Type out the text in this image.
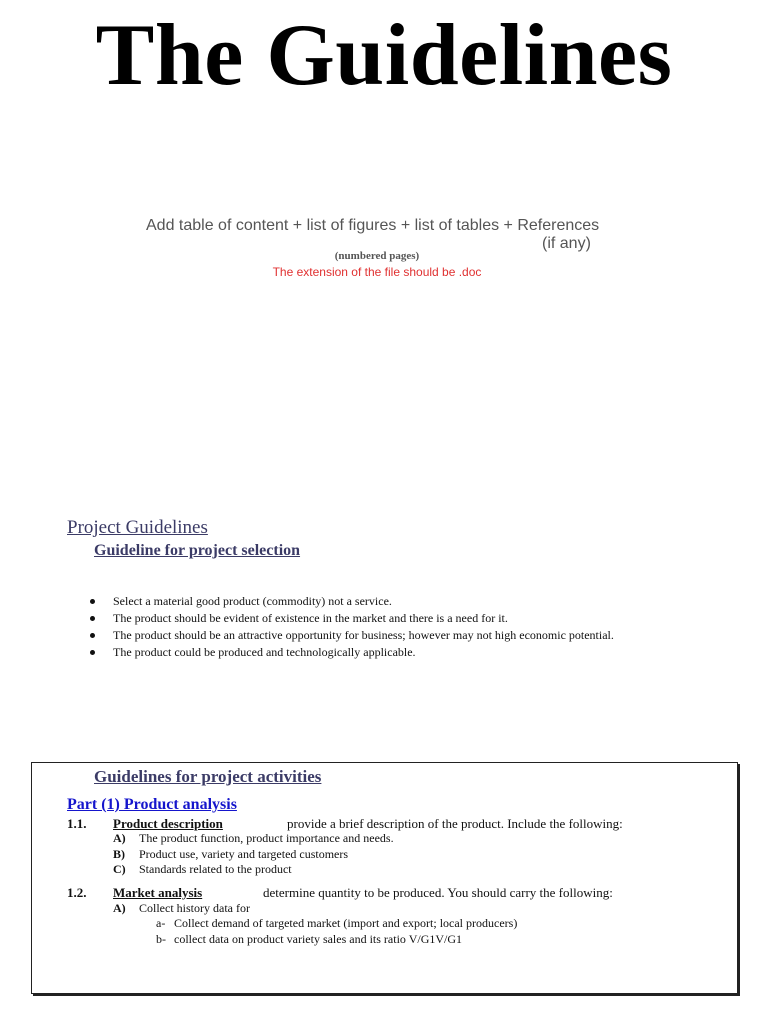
The Guidelines
Add table of content + list of figures + list of tables + References
(if any)
(numbered pages)
The extension of the file should be .doc
Project Guidelines
Guideline for project selection
Select a material good product (commodity) not a service.
The product should be evident of existence in the market and there is a need for it.
The product should be an attractive opportunity for business; however may not high economic potential.
The product could be produced and technologically applicable.
Guidelines for project activities
Part (1) Product analysis
1.1. Product description	provide a brief description of the product. Include the following:
A) The product function, product importance and needs.
B) Product use, variety and targeted customers
C) Standards related to the product
1.2. Market analysis	determine quantity to be produced. You should carry the following:
A) Collect history data for
a- Collect demand of targeted market (import and export; local producers)
b- collect data on product variety sales and its ratio V/G1V/G1
